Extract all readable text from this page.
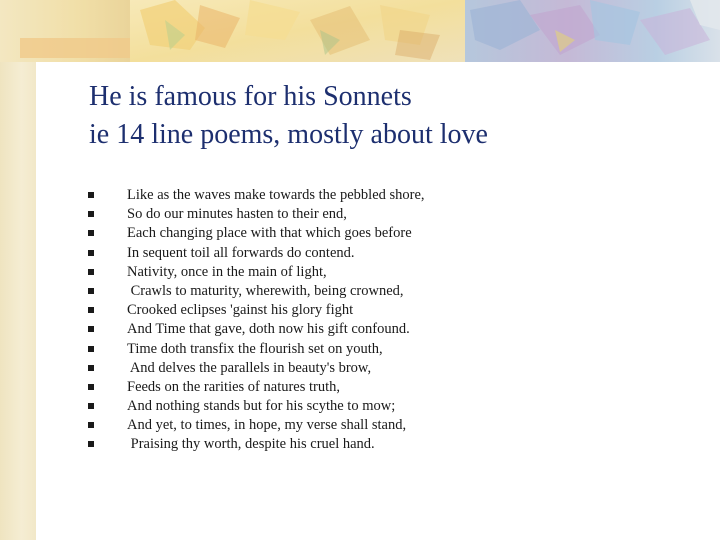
He is famous for his Sonnets
ie 14 line poems, mostly about love
Like as the waves make towards the pebbled shore,
So do our minutes hasten to their end,
Each changing place with that which goes before
In sequent toil all forwards do contend.
Nativity, once in the main of light,
Crawls to maturity, wherewith, being crowned,
Crooked eclipses 'gainst his glory fight
And Time that gave, doth now his gift confound.
Time doth transfix the flourish set on youth,
And delves the parallels in beauty's brow,
Feeds on the rarities of natures truth,
And nothing stands but for his scythe to mow;
And yet, to times, in hope, my verse shall stand,
Praising thy worth, despite his cruel hand.
